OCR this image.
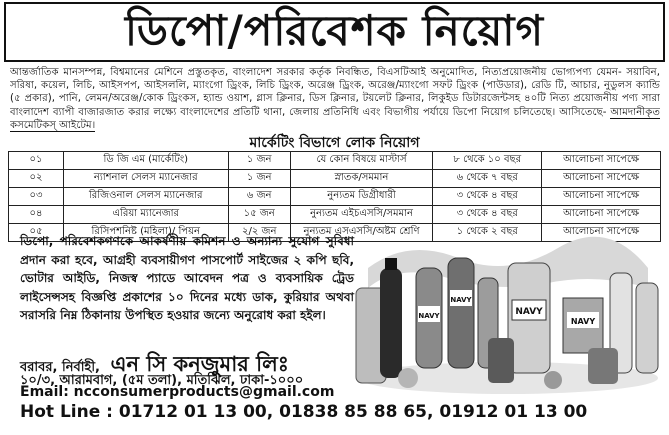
ডিপো/পরিবেশক নিয়োগ
আন্তর্জাতিক মানসম্পন্ন, বিশ্বমানের মেশিনে প্রস্তুতকৃত, বাংলাদেশ সরকার কর্তৃক নিবন্ধিত, বিএসটিআই অনুমোদিত, নিত্যপ্রয়োজনীয় ভোগ্যপণ্য যেমন- সয়াবিন, সরিষা, কয়েল, লিচি, আইসপপ, আইসললি, ম্যাংগো ড্রিংক, লিচি ড্রিংক, অরেঞ্জ ড্রিংক, অরেঞ্জ/ম্যাংগো সফট ড্রিংক (পাউডার), রেডি টি, আচার, নুডুলস ক্যান্ডি (৫ প্রকার), পানি, লেমন/অরেঞ্জ/কোক ড্রিংকস, হ্যান্ড ওয়াশ, গ্লাস ক্লিনার, ডিস ক্লিনার, টয়লেট ক্লিনার, লিকুইড ডিটারজেন্টসহ ৪০টি নিত্য প্রয়োজনীয় পণ্য সারা বাংলাদেশ ব্যাপী বাজারজাত করার লক্ষ্যে বাংলাদেশের প্রতিটি থানা, জেলায় প্রতিনিধি এবং বিভাগীয় পর্যায়ে ডিপো নিয়োগ চলিতেছে। আসিতেছে- আমদানীকৃত কসমেটিকস্ আইটেম।
মার্কেটিং বিভাগে লোক নিয়োগ
০১	ডি জি এম (মার্কেটিং)	১ জন	যে কোন বিষয়ে মাস্টার্স	৮ থেকে ১০ বছর	আলোচনা সাপেক্ষে
০২	ন্যাশনাল সেলস ম্যানেজার	১ জন	স্নাতক/সমমান	৬ থেকে ৭ বছর	আলোচনা সাপেক্ষে
০৩	রিজিওনাল সেলস ম্যানেজার	৬ জন	নুন্যতম ডিগ্রীধারী	৩ থেকে ৪ বছর	আলোচনা সাপেক্ষে
০৪	এরিয়া ম্যানেজার	১৫ জন	নুন্যতম এইচএসসি/সমমান	৩ থেকে ৪ বছর	আলোচনা সাপেক্ষে
০৫	রিসিপশনিষ্ট (মহিলা)/ পিয়ন	২/২ জন	নুন্যতম এসএসসি/অষ্টম শ্রেণি	১ থেকে ২ বছর	আলোচনা সাপেক্ষে
ডিপো, পরিবেশকগণকে আকর্ষণীয় কমিশন ও অন্যান্য সুযোগ সুবিধা প্রদান করা হবে, আগ্রহী ব্যবসায়ীগণ পাসপোর্ট সাইজের ২ কপি ছবি, ভোটার আইডি, নিজস্ব প্যাডে আবেদন পত্র ও ব্যবসায়িক ট্রেড লাইসেন্সসহ বিজ্ঞপ্তি প্রকাশের ১০ দিনের মধ্যে ডাক, কুরিয়ার অথবা সরাসরি নিম্ন ঠিকানায় উপস্থিত হওয়ার জন্যে অনুরোধ করা হইল।
বরাবর, নির্বাহী, এন সি কনজুমার লিঃ
১০/৩, আরামবাগ, (৫ম তলা), মতিঝিল, ঢাকা-১০০০
Email: ncconsumerproducts@gmail.com
Hot Line : 01712 01 13 00, 01838 85 88 65, 01912 01 13 00
NAVY
NAVY
NAVY
NAVY
